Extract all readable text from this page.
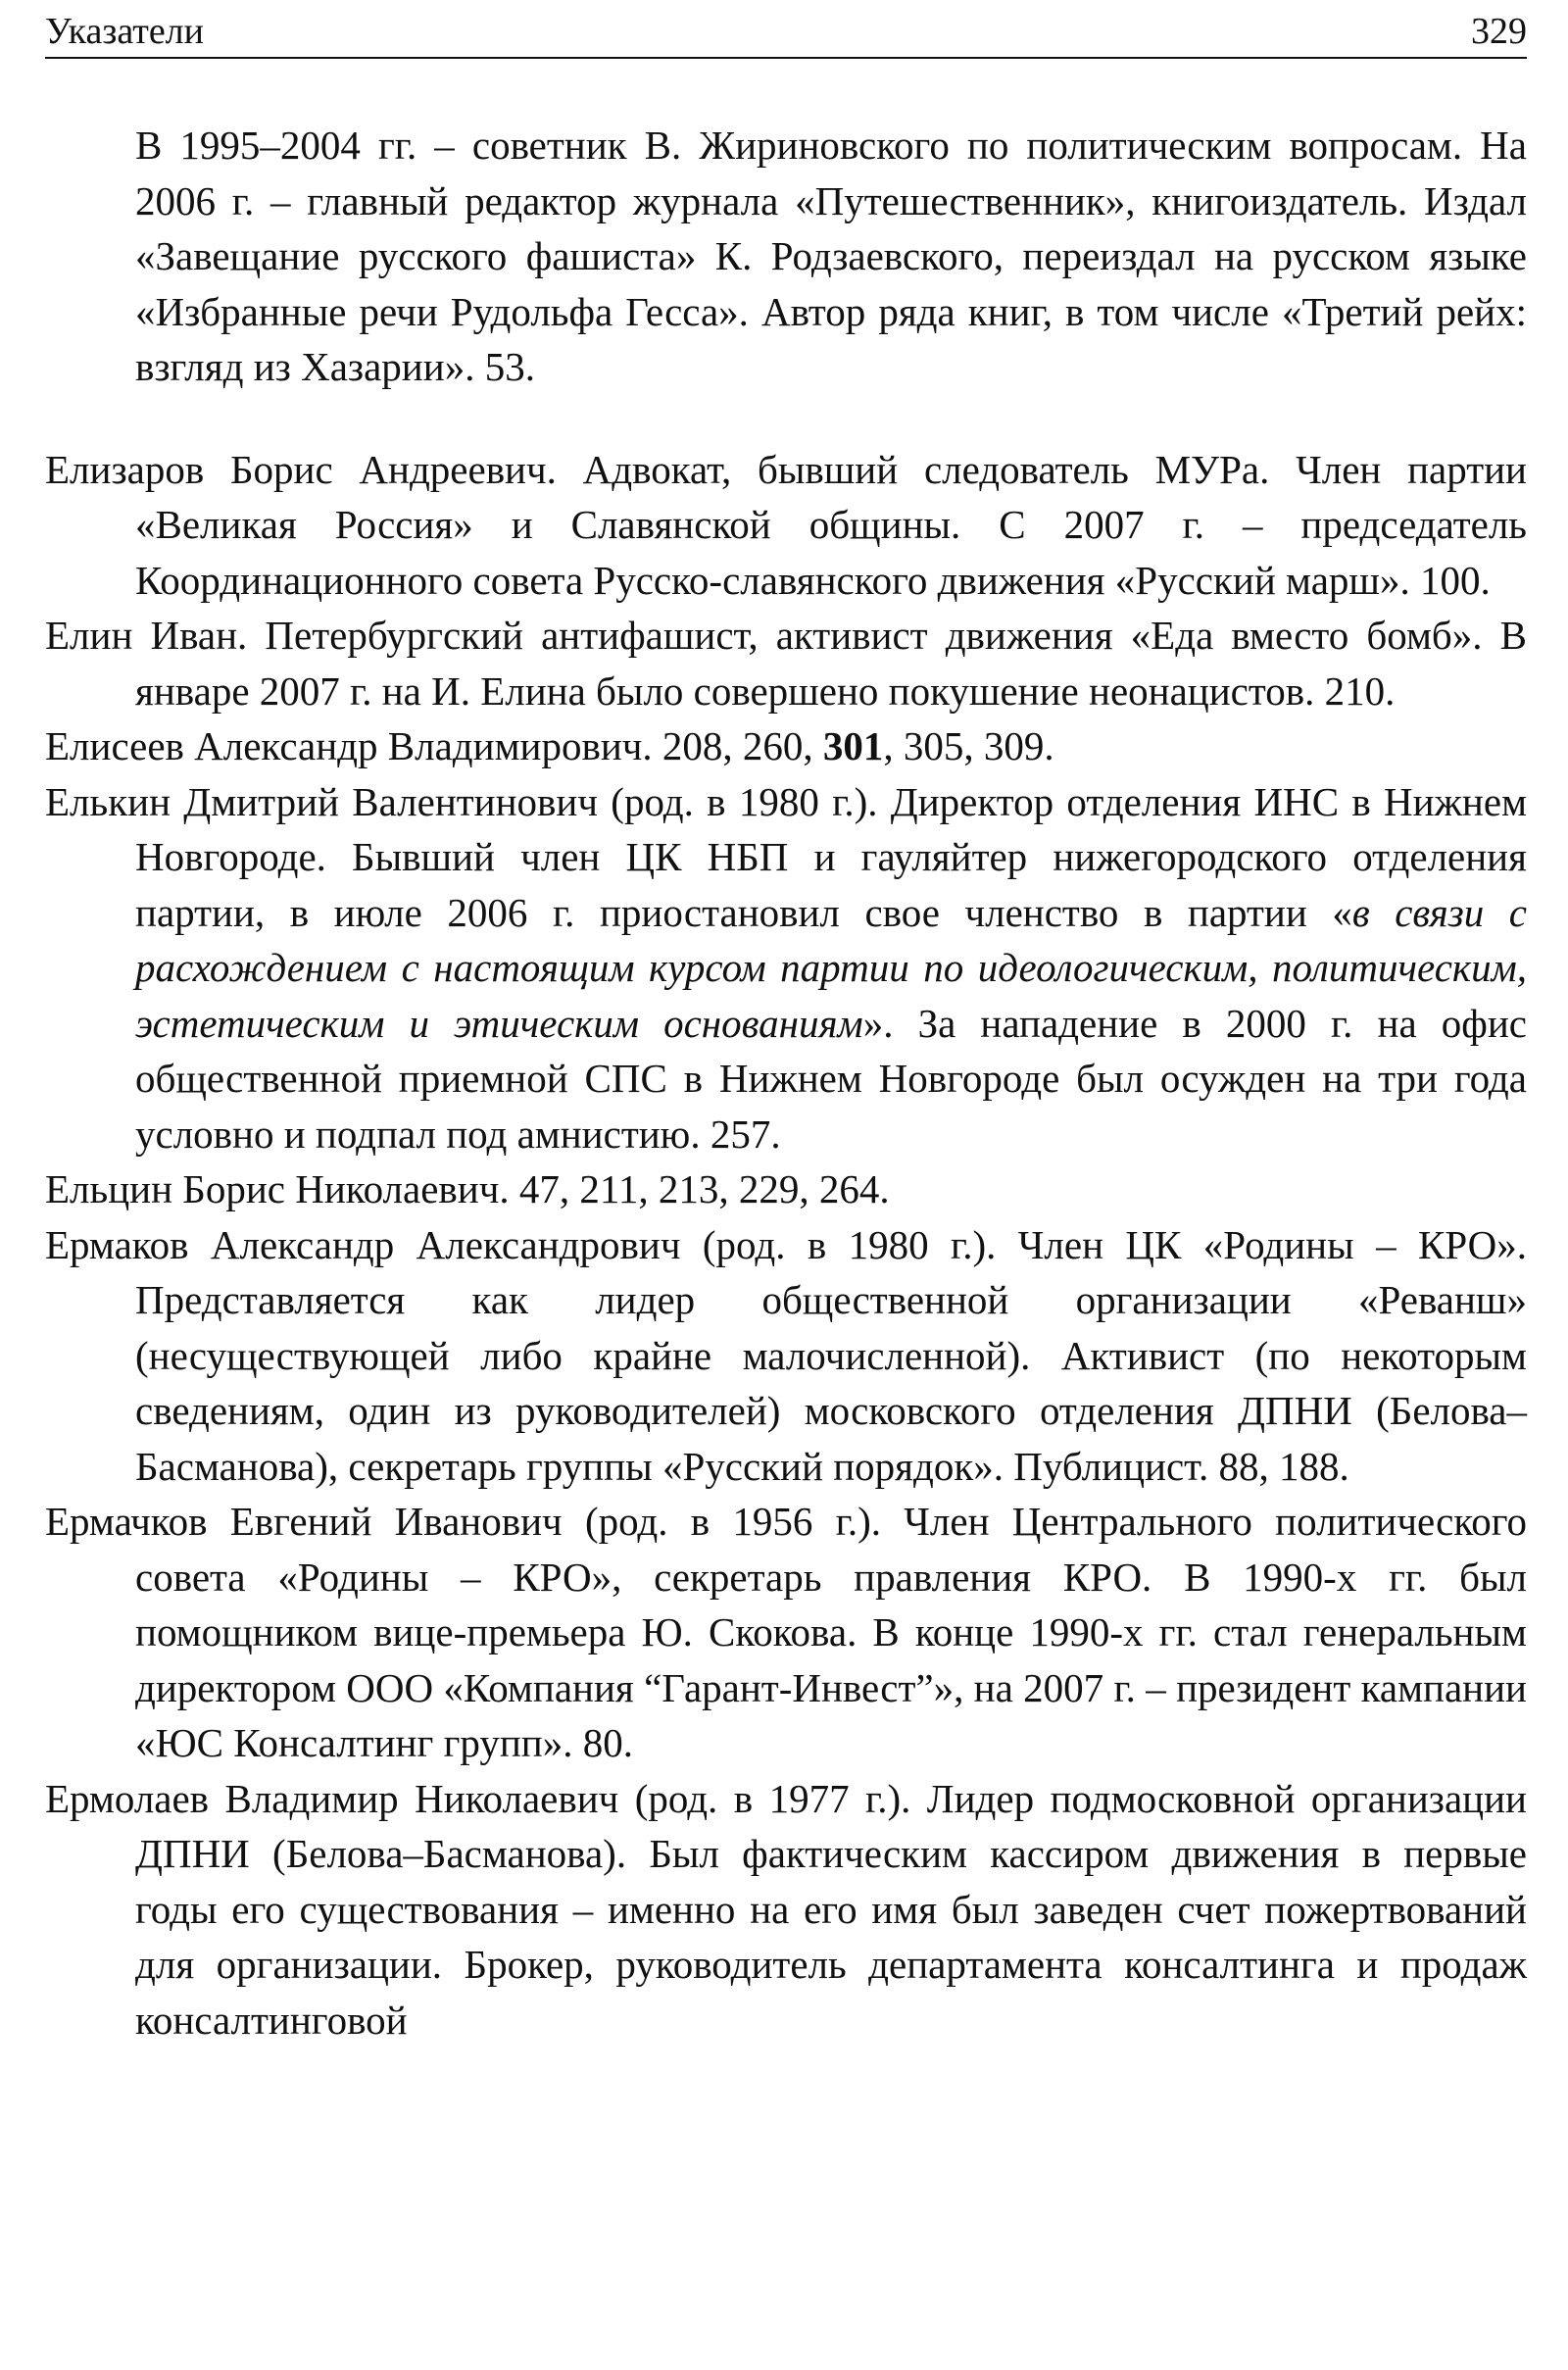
Указатели	329

В 1995–2004 гг. – советник В. Жириновского по политическим вопросам. На 2006 г. – главный редактор журнала «Путешественник», книгоиздатель. Издал «Завещание русского фашиста» К. Родзаевского, переиздал на русском языке «Избранные речи Рудольфа Гесса». Автор ряда книг, в том числе «Третий рейх: взгляд из Хазарии». 53.

Елизаров Борис Андреевич. Адвокат, бывший следователь МУРа. Член партии «Великая Россия» и Славянской общины. С 2007 г. – председатель Координационного совета Русско-славянского движения «Русский марш». 100.

Елин Иван. Петербургский антифашист, активист движения «Еда вместо бомб». В январе 2007 г. на И. Елина было совершено покушение неонацистов. 210.

Елисеев Александр Владимирович. 208, 260, 301, 305, 309.

Елькин Дмитрий Валентинович (род. в 1980 г.). Директор отделения ИНС в Нижнем Новгороде. Бывший член ЦК НБП и гауляйтер нижегородского отделения партии, в июле 2006 г. приостановил свое членство в партии «в связи с расхождением с настоящим курсом партии по идеологическим, политическим, эстетическим и этическим основаниям». За нападение в 2000 г. на офис общественной приемной СПС в Нижнем Новгороде был осужден на три года условно и подпал под амнистию. 257.

Ельцин Борис Николаевич. 47, 211, 213, 229, 264.

Ермаков Александр Александрович (род. в 1980 г.). Член ЦК «Родины – КРО». Представляется как лидер общественной организации «Реванш» (несуществующей либо крайне малочисленной). Активист (по некоторым сведениям, один из руководителей) московского отделения ДПНИ (Белова–Басманова), секретарь группы «Русский порядок». Публицист. 88, 188.

Ермачков Евгений Иванович (род. в 1956 г.). Член Центрального политического совета «Родины – КРО», секретарь правления КРО. В 1990-х гг. был помощником вице-премьера Ю. Скокова. В конце 1990-х гг. стал генеральным директором ООО «Компания “Гарант-Инвест”», на 2007 г. – президент кампании «ЮС Консалтинг групп». 80.

Ермолаев Владимир Николаевич (род. в 1977 г.). Лидер подмосковной организации ДПНИ (Белова–Басманова). Был фактическим кассиром движения в первые годы его существования – именно на его имя был заведен счет пожертвований для организации. Брокер, руководитель департамента консалтинга и продаж консалтинговой
